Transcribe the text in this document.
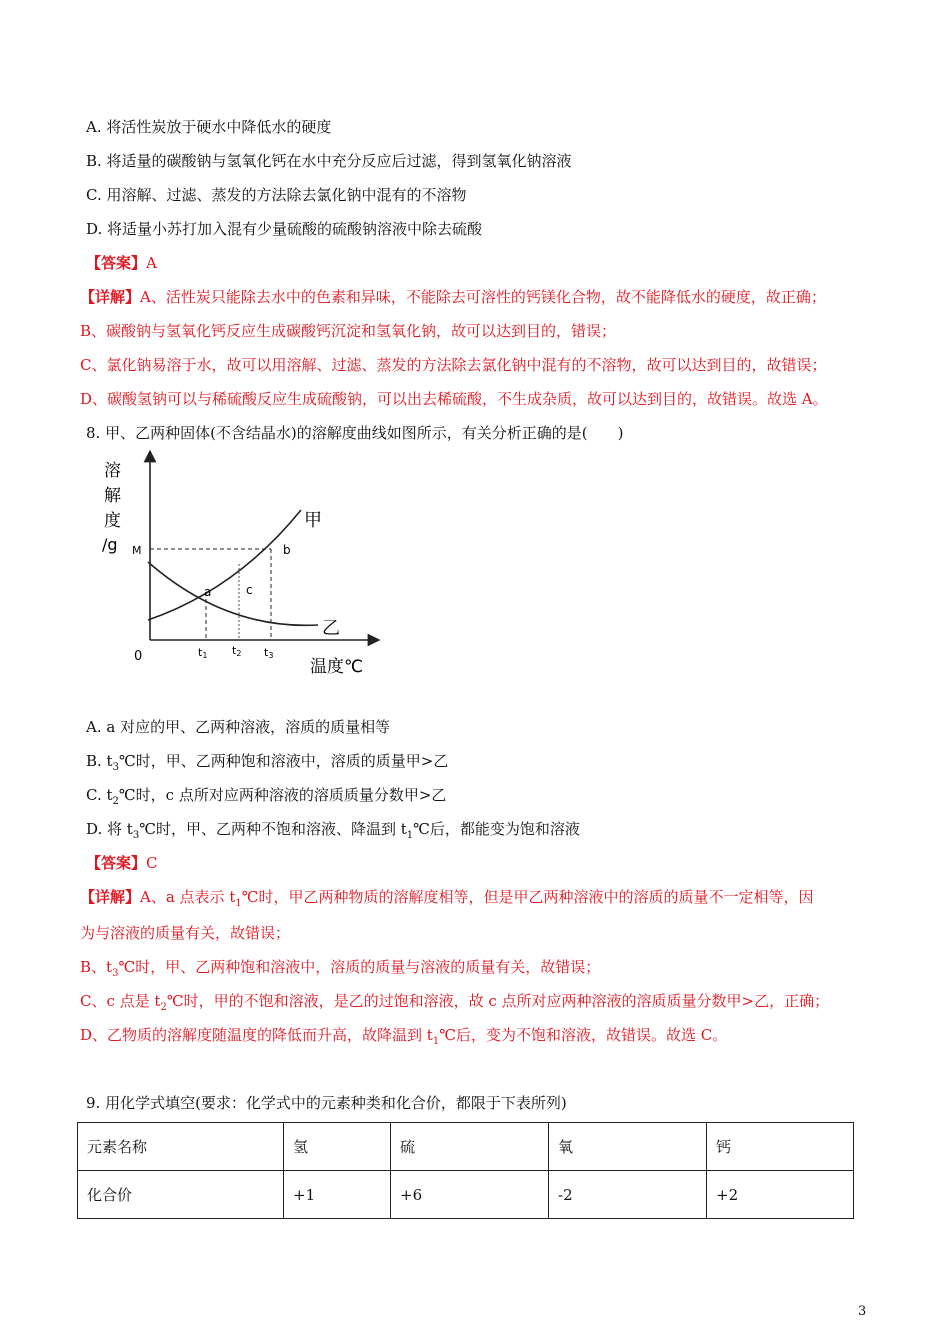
A. 将活性炭放于硬水中降低水的硬度
B. 将适量的碳酸钠与氢氧化钙在水中充分反应后过滤，得到氢氧化钠溶液
C. 用溶解、过滤、蒸发的方法除去氯化钠中混有的不溶物
D. 将适量小苏打加入混有少量硫酸的硫酸钠溶液中除去硫酸
【答案】A
【详解】A、活性炭只能除去水中的色素和异味，不能除去可溶性的钙镁化合物，故不能降低水的硬度，故正确；
B、碳酸钠与氢氧化钙反应生成碳酸钙沉淀和氢氧化钠，故可以达到目的，错误；
C、氯化钠易溶于水，故可以用溶解、过滤、蒸发的方法除去氯化钠中混有的不溶物，故可以达到目的，故错误；
D、碳酸氢钠可以与稀硫酸反应生成硫酸钠，可以出去稀硫酸，不生成杂质，故可以达到目的，故错误。故选 A。
8. 甲、乙两种固体(不含结晶水)的溶解度曲线如图所示，有关分析正确的是(　　)
溶
解
度
/g M
0
温度℃
甲
乙
a
b
c
t1 t2 t3
A. a 对应的甲、乙两种溶液，溶质的质量相等
B. $t_3℃$时，甲、乙两种饱和溶液中，溶质的质量甲>乙
C. $t_2℃$时，c 点所对应两种溶液的溶质质量分数甲>乙
D. 将 $t_3℃$时，甲、乙两种不饱和溶液、降温到 $t_1℃$后，都能变为饱和溶液
【答案】C
【详解】A、a 点表示 $t_1℃$时，甲乙两种物质的溶解度相等，但是甲乙两种溶液中的溶质的质量不一定相等，因
为与溶液的质量有关，故错误；
B、$t_3℃$时，甲、乙两种饱和溶液中，溶质的质量与溶液的质量有关，故错误；
C、c 点是 $t_2℃$时，甲的不饱和溶液，是乙的过饱和溶液，故 c 点所对应两种溶液的溶质质量分数甲>乙，正确；
D、乙物质的溶解度随温度的降低而升高，故降温到 $t_1℃$后，变为不饱和溶液，故错误。故选 C。
9. 用化学式填空(要求：化学式中的元素种类和化合价，都限于下表所列)
元素名称	氢	硫	氧	钙
化合价	+1	+6	-2	+2
3
